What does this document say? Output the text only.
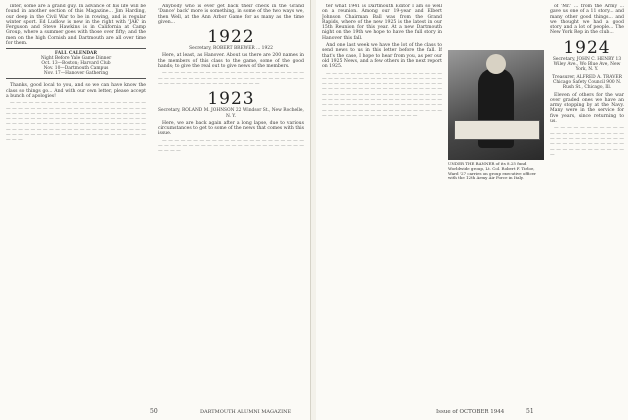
inter, some are a grand guy. In advance of his life will be found in another section of this Magazine... Jim Harding, our deep in the Civil War to be in rowing, and is regular winter sport. Ed Ludlow is new in the right with 'JAK' in Ferguson and Steve Hawkins is in California at Camp Group, where a summer goes with those over fifty; and the men on the high Cornish and Dartmouth are all over time for them.

FALL CALENDAR
Night Before Yale Game Dinner
Oct. 13—Boston; Harvard Club
Nov. 10—Dartmouth Campus
Nov. 17—Hanover Gathering

Thanks, good local to you, and so we can have know the class so things go... And with our own letter, please accept a bunch of apologies!

— — — — — — — — — — — — — — — — — — — — — — — — — — — — — — — — — — — — — — — — — — — — — — — — — — — — — — — — — — — — — — — — — — — — — — — — — — — — — — — — — — — — — — — — — — — — — — — — — — — — — — — — — — — — — — — — — — — — — — — — — — — — — — — — — — — — — — — — — — — — — — — — — — — — — — — — — — — — — — — — — — —

Anybody who is ever get back their check in the Grand 'Dance' back' more is something, in some of the two ways we, then Well, at the Ann Arbor Game for as many as the time given...

1922
Secretary, ROBERT BREWER ... 1922

Here, at least, as Hanover. About us there are 200 names in the members of this class to the game, some of the good hands; to give the real out to give news of the members.

— — — — — — — — — — — — — — — — — — — — — — — — — — — — — — — — — — — — — — — — — — — — — — — — — — — — — — — — — — — — — — — —

1923
Secretary, ROLAND M. JOHNSON 22 Windsor St., New Rochelle, N. Y.

Here, we are back again after a long lapse, due to various circumstances to get to some of the news that comes with this issue.

— — — — — — — — — — — — — — — — — — — — — — — — — — — — — — — — — — — — — — — — — — — — — — — — — — —

50	DARTMOUTH ALUMNI MAGAZINE

ter what 1941 is Dartmouth Editor I am so well on a reunion. Among our 19-year and Elbert Johnson Chairman Ball was from the Grand Rapids, where of the new 1925 is the latest in our 15th Reunion for this year. At a new Dartmouth night on the 19th we hope to have the full story in Hanover this fall.

And one last week we have the lot of the class to send news to us in this letter before the fall. If that's the case, I hope to hear from you, as per our old 1925 News, and a few others in the next report on 1925.

— — — — — — — — — — — — — — — — — — — — — — — — — — — — — — — — — — — — — — — — — — — — — — — — — — — — — — — — — — — — — — — — — — — — — — — — — — — — — — — — — — — — — — — — — — — — — — — — — — — — — — — — — — — — — — — — — — — — — — — — — — — — — — — — — — — — — — — — — — — — — — — — — — — — — — — — — — — — — — — — — — — — — — — — — — — — — — —

UNDER THE BANNER of its 8.25 fund Worldwide group, Lt. Col. Robert F. Tirloe, Ward '27 carries on group executive officer with the 12th Army Air Force in Italy.

of 'Mr.' ... from the Army ... gave us one of a 11 story... and many other good things... and we thought we had a good story and a lot of people... The New York Rep in the club...

1924
Secretary, JOHN C. HENRY 13 Wiley Ave., Wo Blue Ave, New York, N. Y.
Treasurer, ALFRED A. TRAVER Chicago Safety Council 900 N. Rush St., Chicago, Ill.

Eleven of others for the war over graded ones we have an army stopping by at the Navy. Many were in the service for five years, since returning to us.

— — — — — — — — — — — — — — — — — — — — — — — — — — — — — — — — — — — — — — — — — — — — — — — — — — — — — — — — — — — —

Issue of OCTOBER 1944	51
